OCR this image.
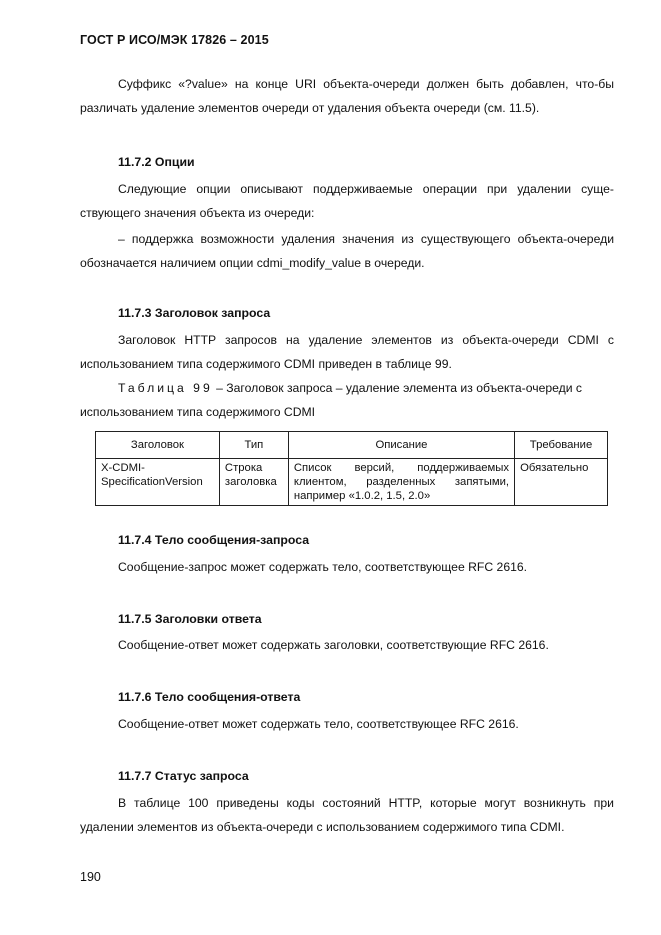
ГОСТ Р ИСО/МЭК 17826 – 2015

Суффикс «?value» на конце URI объекта-очереди должен быть добавлен, что-бы различать удаление элементов очереди от удаления объекта очереди (см. 11.5).

11.7.2 Опции

Следующие опции описывают поддерживаемые операции при удалении суще-ствующего значения объекта из очереди:

– поддержка возможности удаления значения из существующего объекта-очереди обозначается наличием опции cdmi_modify_value в очереди.

11.7.3 Заголовок запроса

Заголовок HTTP запросов на удаление элементов из объекта-очереди CDMI с использованием типа содержимого CDMI приведен в таблице 99.

Таблица 99 – Заголовок запроса – удаление элемента из объекта-очереди с использованием типа содержимого CDMI

Заголовок	Тип	Описание	Требование
X-CDMI-SpecificationVersion	Строка заголовка	Список версий, поддерживаемых клиентом, разделенных запятыми, например «1.0.2, 1.5, 2.0»	Обязательно
11.7.4 Тело сообщения-запроса

Сообщение-запрос может содержать тело, соответствующее RFC 2616.

11.7.5 Заголовки ответа

Сообщение-ответ может содержать заголовки, соответствующие RFC 2616.

11.7.6 Тело сообщения-ответа

Сообщение-ответ может содержать тело, соответствующее RFC 2616.

11.7.7 Статус запроса

В таблице 100 приведены коды состояний HTTP, которые могут возникнуть при удалении элементов из объекта-очереди с использованием содержимого типа CDMI.

190
